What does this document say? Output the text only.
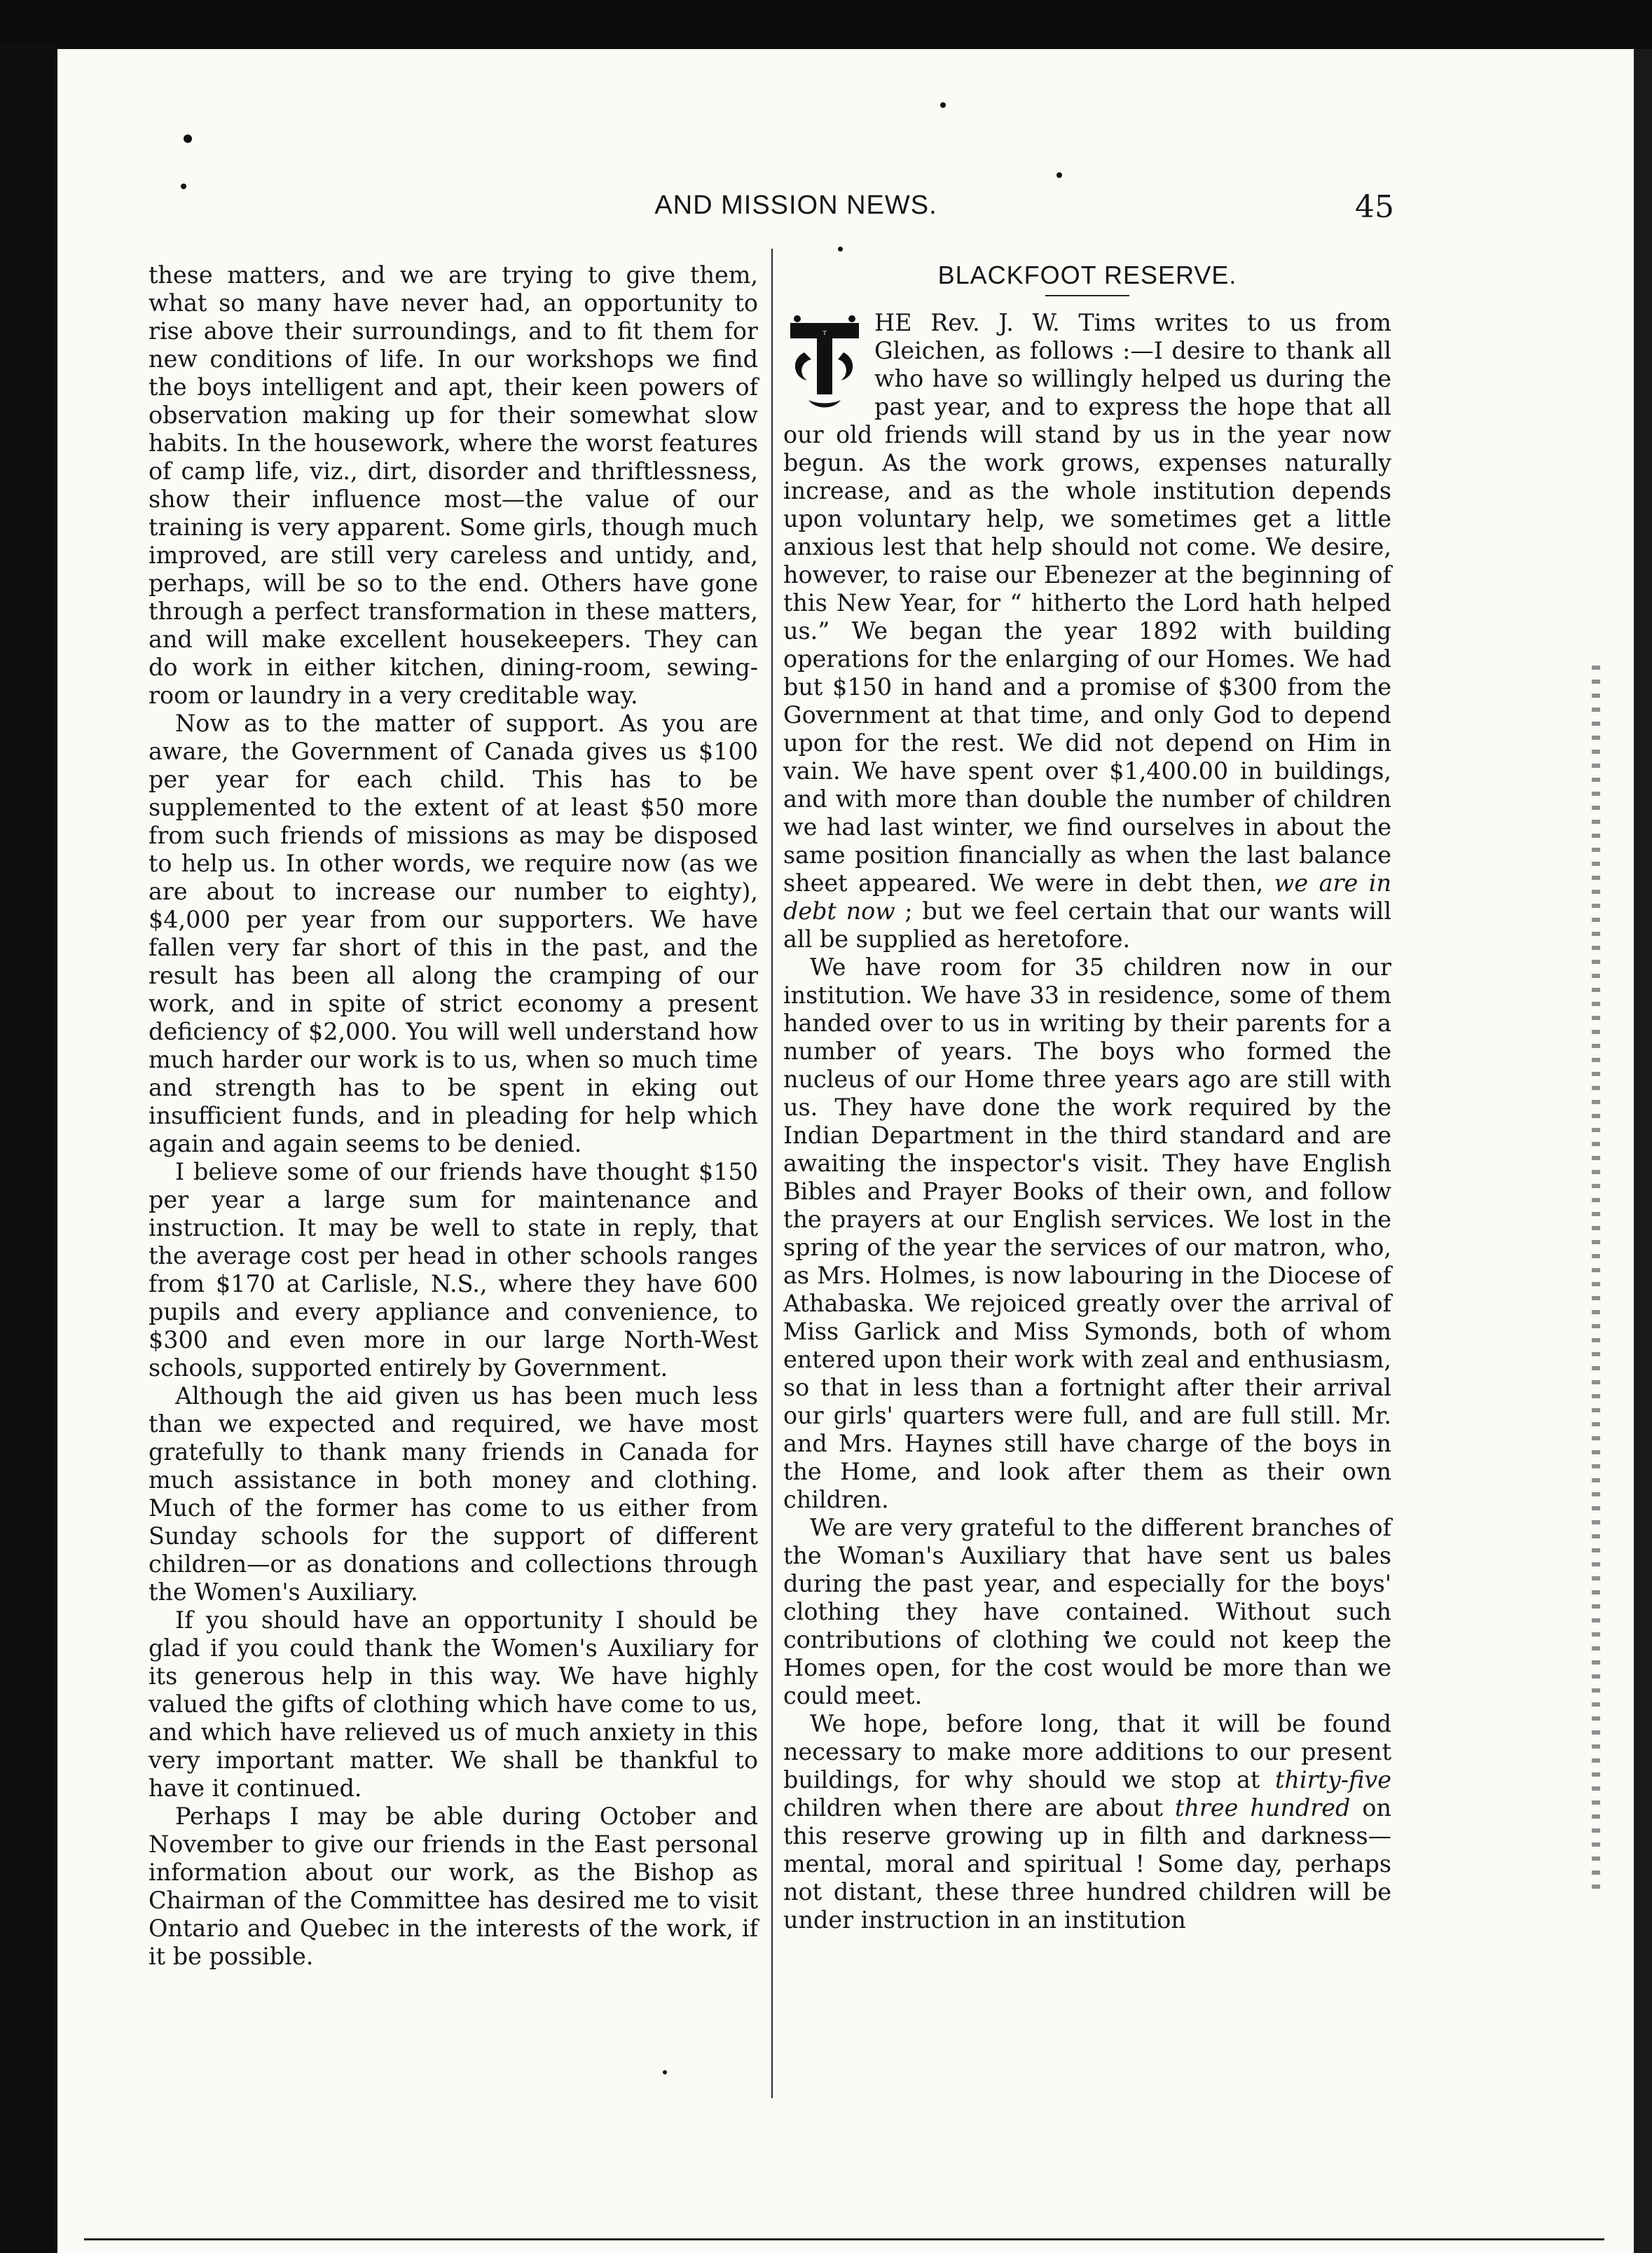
AND MISSION NEWS.	45

these matters, and we are trying to give them, what so many have never had, an opportunity to rise above their surroundings, and to fit them for new conditions of life. In our workshops we find the boys intelligent and apt, their keen powers of observation making up for their somewhat slow habits. In the housework, where the worst features of camp life, viz., dirt, disorder and thriftlessness, show their influence most—the value of our training is very apparent. Some girls, though much improved, are still very careless and untidy, and, perhaps, will be so to the end. Others have gone through a perfect transformation in these matters, and will make excellent housekeepers. They can do work in either kitchen, dining-room, sewing-room or laundry in a very creditable way.

Now as to the matter of support. As you are aware, the Government of Canada gives us $100 per year for each child. This has to be supplemented to the extent of at least $50 more from such friends of missions as may be disposed to help us. In other words, we require now (as we are about to increase our number to eighty), $4,000 per year from our supporters. We have fallen very far short of this in the past, and the result has been all along the cramping of our work, and in spite of strict economy a present deficiency of $2,000. You will well understand how much harder our work is to us, when so much time and strength has to be spent in eking out insufficient funds, and in pleading for help which again and again seems to be denied.

I believe some of our friends have thought $150 per year a large sum for maintenance and instruction. It may be well to state in reply, that the average cost per head in other schools ranges from $170 at Carlisle, N.S., where they have 600 pupils and every appliance and convenience, to $300 and even more in our large North-West schools, supported entirely by Government.

Although the aid given us has been much less than we expected and required, we have most gratefully to thank many friends in Canada for much assistance in both money and clothing. Much of the former has come to us either from Sunday schools for the support of different children—or as donations and collections through the Women's Auxiliary.

If you should have an opportunity I should be glad if you could thank the Women's Auxiliary for its generous help in this way. We have highly valued the gifts of clothing which have come to us, and which have relieved us of much anxiety in this very important matter. We shall be thankful to have it continued.

Perhaps I may be able during October and November to give our friends in the East personal information about our work, as the Bishop as Chairman of the Committee has desired me to visit Ontario and Quebec in the interests of the work, if it be possible.

BLACKFOOT RESERVE.

T HE Rev. J. W. Tims writes to us from Gleichen, as follows :—I desire to thank all who have so willingly helped us during the past year, and to express the hope that all our old friends will stand by us in the year now begun. As the work grows, expenses naturally increase, and as the whole institution depends upon voluntary help, we sometimes get a little anxious lest that help should not come. We desire, however, to raise our Ebenezer at the beginning of this New Year, for “ hitherto the Lord hath helped us.” We began the year 1892 with building operations for the enlarging of our Homes. We had but $150 in hand and a promise of $300 from the Government at that time, and only God to depend upon for the rest. We did not depend on Him in vain. We have spent over $1,400.00 in buildings, and with more than double the number of children we had last winter, we find ourselves in about the same position financially as when the last balance sheet appeared. We were in debt then, we are in debt now ; but we feel certain that our wants will all be supplied as heretofore.

We have room for 35 children now in our institution. We have 33 in residence, some of them handed over to us in writing by their parents for a number of years. The boys who formed the nucleus of our Home three years ago are still with us. They have done the work required by the Indian Department in the third standard and are awaiting the inspector's visit. They have English Bibles and Prayer Books of their own, and follow the prayers at our English services. We lost in the spring of the year the services of our matron, who, as Mrs. Holmes, is now labouring in the Diocese of Athabaska. We rejoiced greatly over the arrival of Miss Garlick and Miss Symonds, both of whom entered upon their work with zeal and enthusiasm, so that in less than a fortnight after their arrival our girls' quarters were full, and are full still. Mr. and Mrs. Haynes still have charge of the boys in the Home, and look after them as their own children.

We are very grateful to the different branches of the Woman's Auxiliary that have sent us bales during the past year, and especially for the boys' clothing they have contained. Without such contributions of clothing we could not keep the Homes open, for the cost would be more than we could meet.

We hope, before long, that it will be found necessary to make more additions to our present buildings, for why should we stop at thirty-five children when there are about three hundred on this reserve growing up in filth and darkness—mental, moral and spiritual ! Some day, perhaps not distant, these three hundred children will be under instruction in an institution
